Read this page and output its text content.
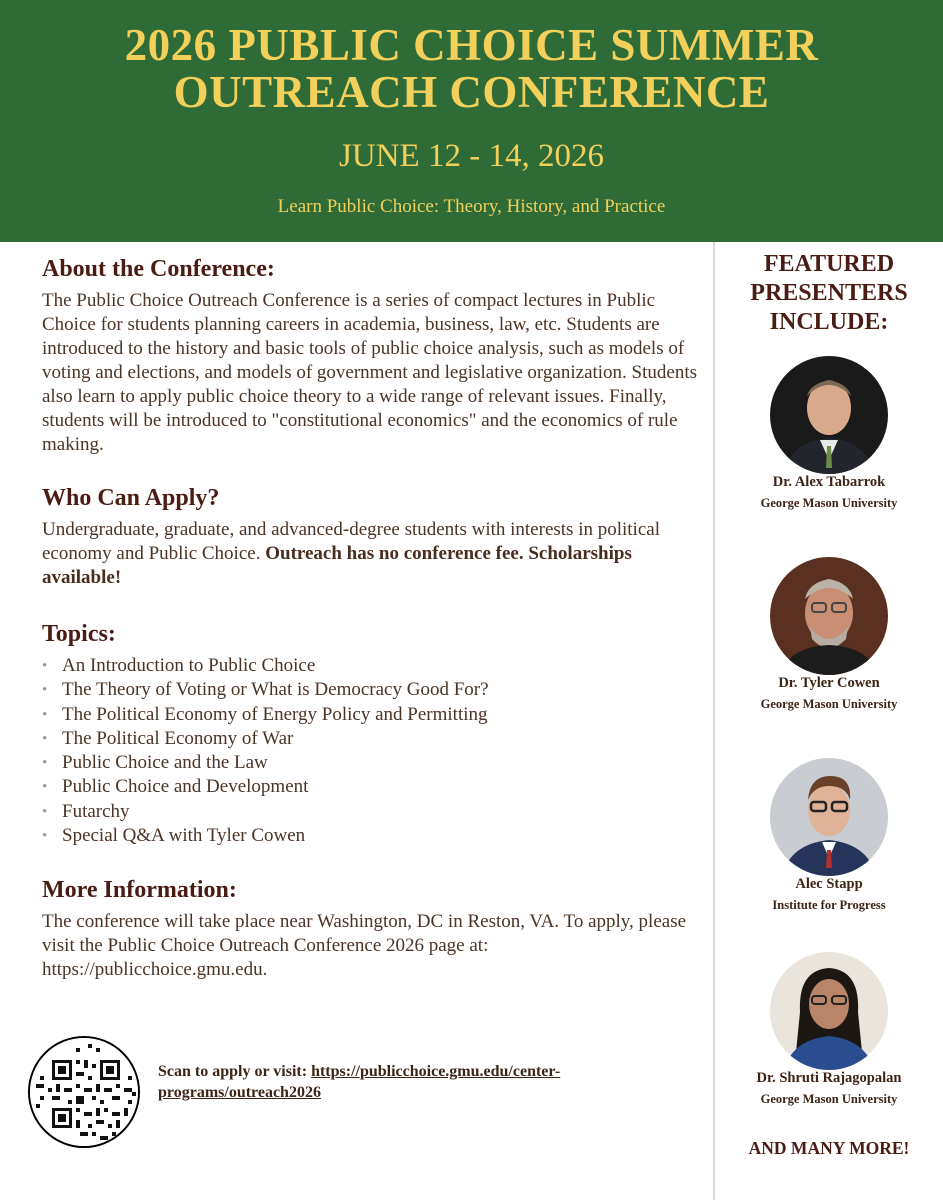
2026 PUBLIC CHOICE SUMMER
OUTREACH CONFERENCE
JUNE 12 - 14, 2026
Learn Public Choice: Theory, History, and Practice
About the Conference:

The Public Choice Outreach Conference is a series of compact lectures in Public Choice for students planning careers in academia, business, law, etc. Students are introduced to the history and basic tools of public choice analysis, such as models of voting and elections, and models of government and legislative organization. Students also learn to apply public choice theory to a wide range of relevant issues. Finally, students will be introduced to "constitutional economics" and the economics of rule making.

Who Can Apply?

Undergraduate, graduate, and advanced-degree students with interests in political economy and Public Choice. Outreach has no conference fee. Scholarships available!

Topics:
• An Introduction to Public Choice
• The Theory of Voting or What is Democracy Good For?
• The Political Economy of Energy Policy and Permitting
• The Political Economy of War
• Public Choice and the Law
• Public Choice and Development
• Futarchy
• Special Q&A with Tyler Cowen
More Information:

The conference will take place near Washington, DC in Reston, VA. To apply, please visit the Public Choice Outreach Conference 2026 page at: https://publicchoice.gmu.edu.

Scan to apply or visit: https://publicchoice.gmu.edu/center-programs/outreach2026
FEATURED
PRESENTERS
INCLUDE:
Dr. Alex Tabarrok
George Mason University
Dr. Tyler Cowen
George Mason University
Alec Stapp
Institute for Progress
Dr. Shruti Rajagopalan
George Mason University
AND MANY MORE!
